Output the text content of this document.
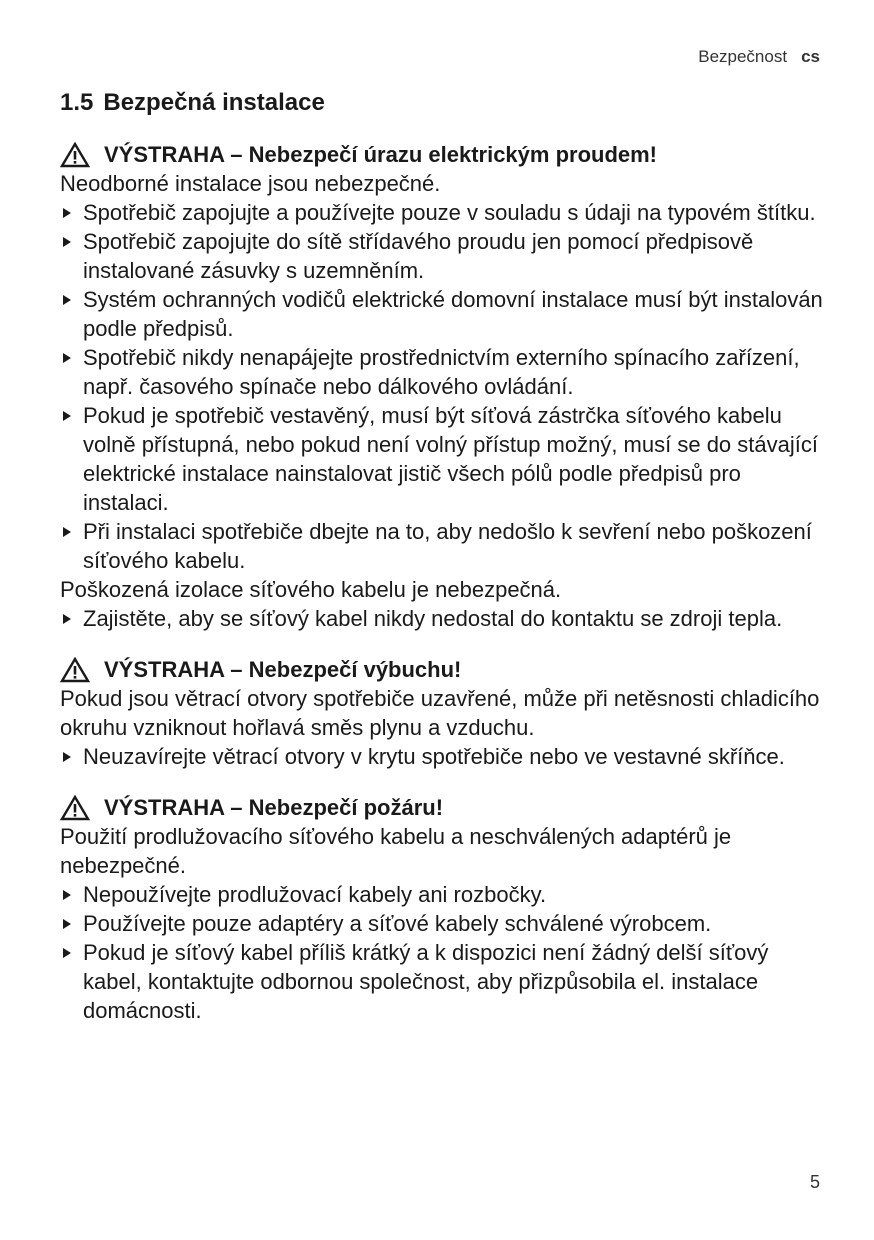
Bezpečnost cs
1.5 Bezpečná instalace
VÝSTRAHA – Nebezpečí úrazu elektrickým proudem!
Neodborné instalace jsou nebezpečné.
Spotřebič zapojujte a používejte pouze v souladu s údaji na typovém štítku.
Spotřebič zapojujte do sítě střídavého proudu jen pomocí předpisově instalované zásuvky s uzemněním.
Systém ochranných vodičů elektrické domovní instalace musí být instalován podle předpisů.
Spotřebič nikdy nenapájejte prostřednictvím externího spínacího zařízení, např. časového spínače nebo dálkového ovládání.
Pokud je spotřebič vestavěný, musí být síťová zástrčka síťového kabelu volně přístupná, nebo pokud není volný přístup možný, musí se do stávající elektrické instalace nainstalovat jistič všech pólů podle předpisů pro instalaci.
Při instalaci spotřebiče dbejte na to, aby nedošlo k sevření nebo poškození síťového kabelu.
Poškozená izolace síťového kabelu je nebezpečná.
Zajistěte, aby se síťový kabel nikdy nedostal do kontaktu se zdroji tepla.
VÝSTRAHA – Nebezpečí výbuchu!
Pokud jsou větrací otvory spotřebiče uzavřené, může při netěsnosti chladicího okruhu vzniknout hořlavá směs plynu a vzduchu.
Neuzavírejte větrací otvory v krytu spotřebiče nebo ve vestavné skříňce.
VÝSTRAHA – Nebezpečí požáru!
Použití prodlužovacího síťového kabelu a neschválených adaptérů je nebezpečné.
Nepoužívejte prodlužovací kabely ani rozbočky.
Používejte pouze adaptéry a síťové kabely schválené výrobcem.
Pokud je síťový kabel příliš krátký a k dispozici není žádný delší síťový kabel, kontaktujte odbornou společnost, aby přizpůsobila el. instalace domácnosti.
5
